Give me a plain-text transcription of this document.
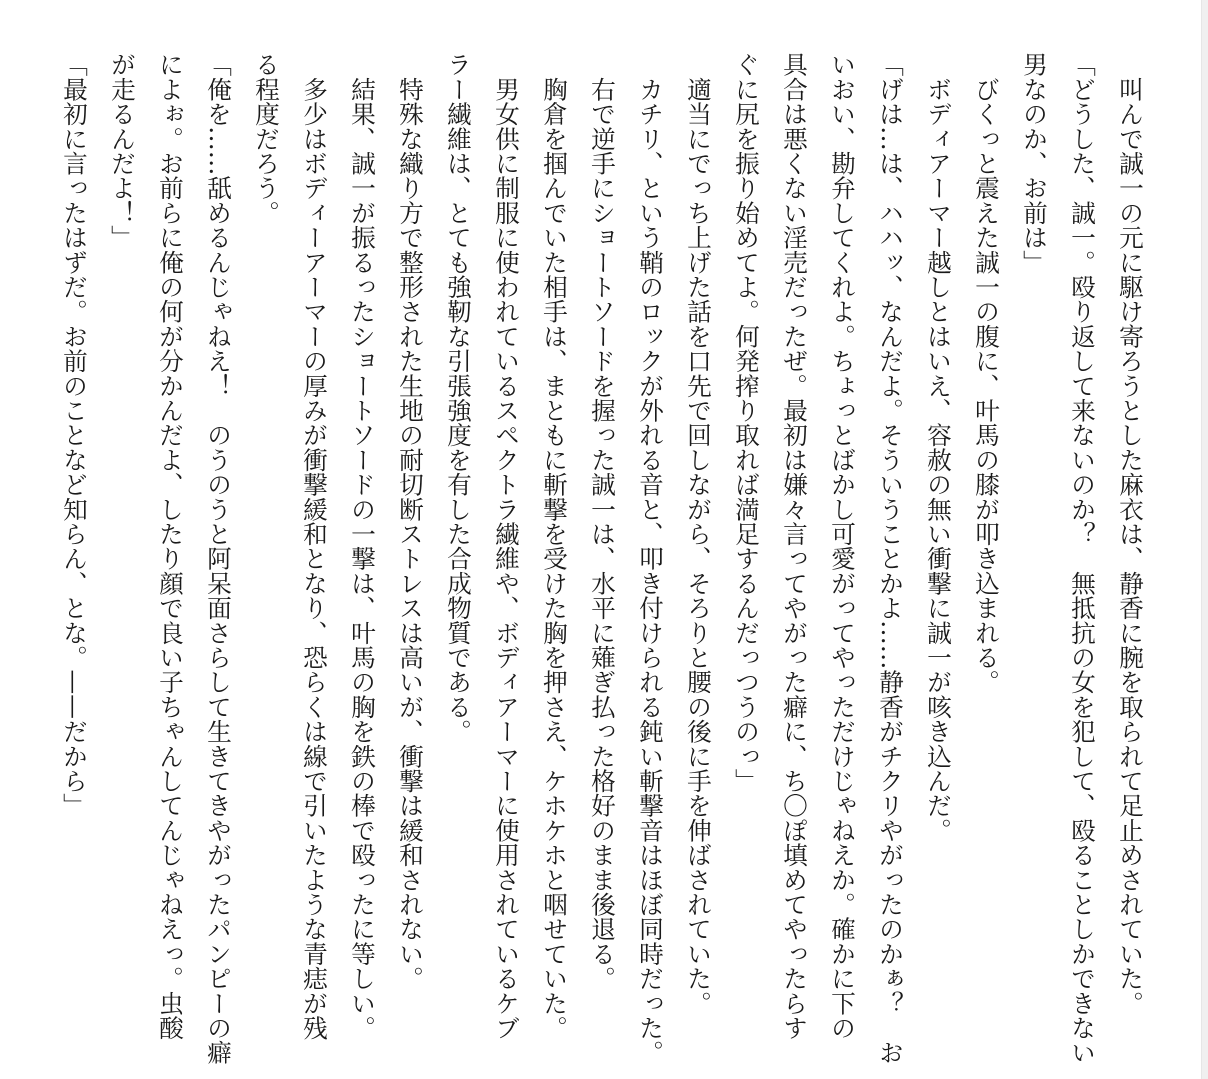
　叫んで誠一の元に駆け寄ろうとした麻衣は、静香に腕を取られて足止めされていた。
「どうした、誠一。殴り返して来ないのか？　無抵抗の女を犯して、殴ることしかできない
男なのか、お前は」
　びくっと震えた誠一の腹に、叶馬の膝が叩き込まれる。
　ボディアーマー越しとはいえ、容赦の無い衝撃に誠一が咳き込んだ。
「げは…は、ハハッ、なんだよ。そういうことかよ……静香がチクリやがったのかぁ？　お
いおい、勘弁してくれよ。ちょっとばかし可愛がってやっただけじゃねえか。確かに下の
具合は悪くない淫売だったぜ。最初は嫌々言ってやがった癖に、ち〇ぽ填めてやったらす
ぐに尻を振り始めてよ。何発搾り取れば満足するんだっつうのっ」
　適当にでっち上げた話を口先で回しながら、そろりと腰の後に手を伸ばされていた。
　カチリ、という鞘のロックが外れる音と、叩き付けられる鈍い斬撃音はほぼ同時だった。
　右で逆手にショートソードを握った誠一は、水平に薙ぎ払った格好のまま後退る。
　胸倉を掴んでいた相手は、まともに斬撃を受けた胸を押さえ、ケホケホと咽せていた。
　男女供に制服に使われているスペクトラ繊維や、ボディアーマーに使用されているケブ
ラー繊維は、とても強靭な引張強度を有した合成物質である。
　特殊な織り方で整形された生地の耐切断ストレスは高いが、衝撃は緩和されない。
　結果、誠一が振るったショートソードの一撃は、叶馬の胸を鉄の棒で殴ったに等しい。
　多少はボディーアーマーの厚みが衝撃緩和となり、恐らくは線で引いたような青痣が残
る程度だろう。
「俺を……舐めるんじゃねえ！　のうのうと阿呆面さらして生きてきやがったパンピーの癖
によぉ。お前らに俺の何が分かんだよ、したり顔で良い子ちゃんしてんじゃねえっ。虫酸
が走るんだよ！」
「最初に言ったはずだ。お前のことなど知らん、とな。——だから」
